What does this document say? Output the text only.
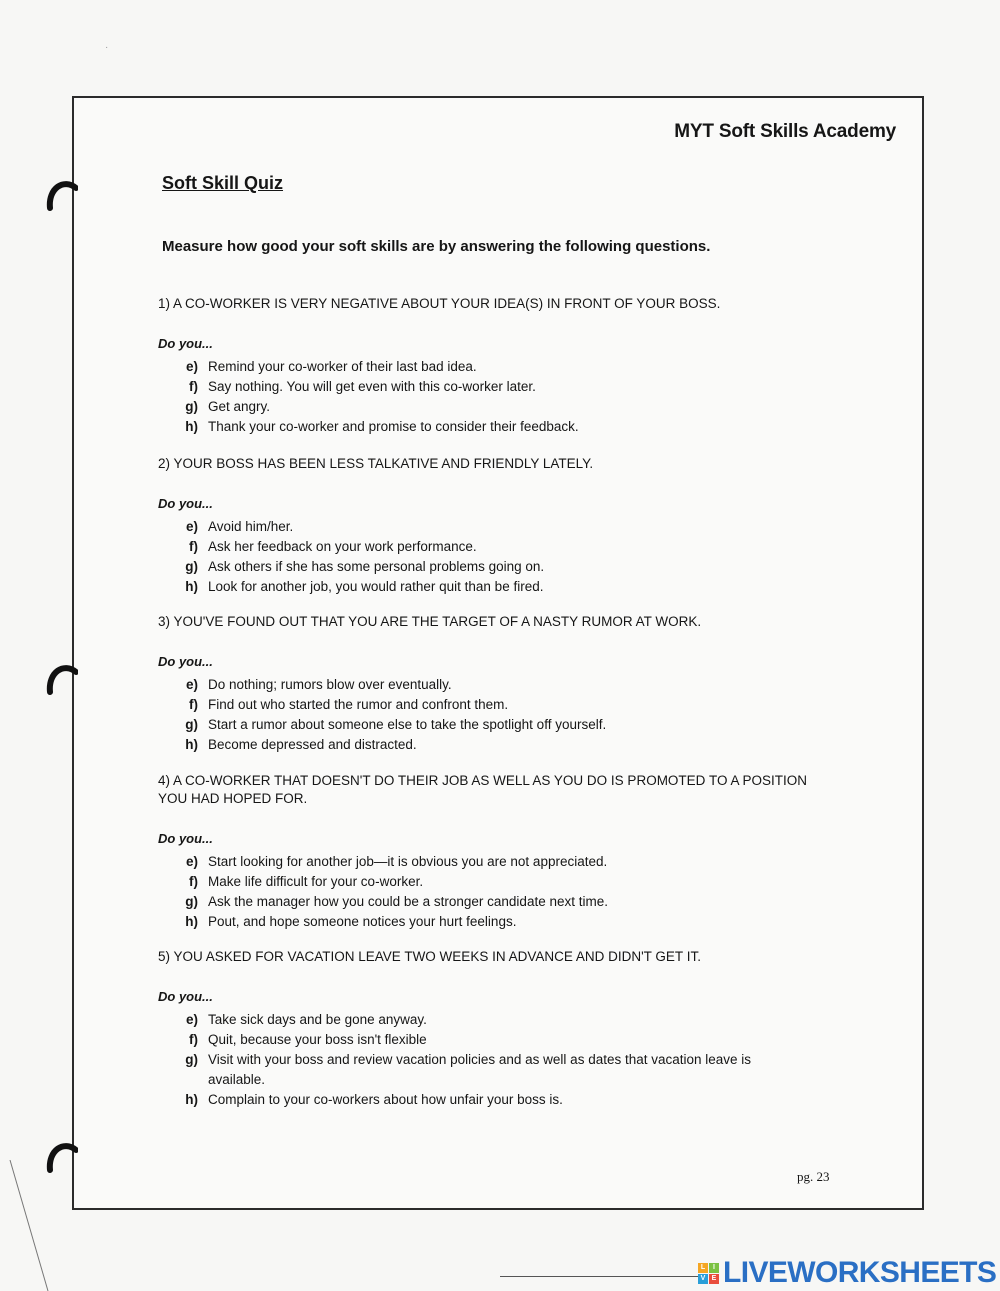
·
MYT Soft Skills Academy
Soft Skill Quiz
Measure how good your soft skills are by answering the following questions.
1) A CO-WORKER IS VERY NEGATIVE ABOUT YOUR IDEA(S) IN FRONT OF YOUR BOSS.
Do you...
e) Remind your co-worker of their last bad idea.
f) Say nothing. You will get even with this co-worker later.
g) Get angry.
h) Thank your co-worker and promise to consider their feedback.
2) YOUR BOSS HAS BEEN LESS TALKATIVE AND FRIENDLY LATELY.
Do you...
e) Avoid him/her.
f) Ask her feedback on your work performance.
g) Ask others if she has some personal problems going on.
h) Look for another job, you would rather quit than be fired.
3) YOU'VE FOUND OUT THAT YOU ARE THE TARGET OF A NASTY RUMOR AT WORK.
Do you...
e) Do nothing; rumors blow over eventually.
f) Find out who started the rumor and confront them.
g) Start a rumor about someone else to take the spotlight off yourself.
h) Become depressed and distracted.
4) A CO-WORKER THAT DOESN'T DO THEIR JOB AS WELL AS YOU DO IS PROMOTED TO A POSITION YOU HAD HOPED FOR.
Do you...
e) Start looking for another job—it is obvious you are not appreciated.
f) Make life difficult for your co-worker.
g) Ask the manager how you could be a stronger candidate next time.
h) Pout, and hope someone notices your hurt feelings.
5) YOU ASKED FOR VACATION LEAVE TWO WEEKS IN ADVANCE AND DIDN'T GET IT.
Do you...
e) Take sick days and be gone anyway.
f) Quit, because your boss isn't flexible
g) Visit with your boss and review vacation policies and as well as dates that vacation leave is available.
h) Complain to your co-workers about how unfair your boss is.
pg. 23
L	I
V E LIVEWORKSHEETS
